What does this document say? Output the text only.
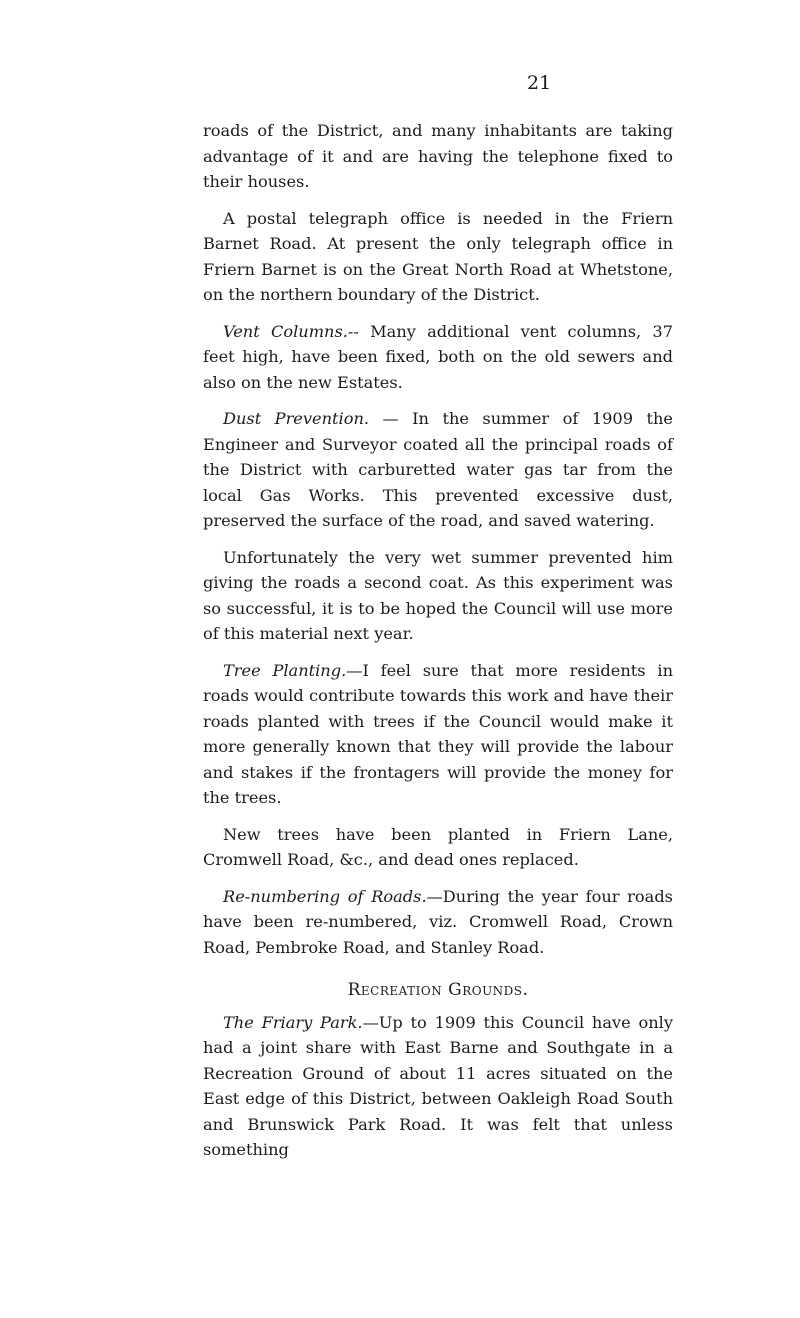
21

roads of the District, and many inhabitants are taking advantage of it and are having the telephone fixed to their houses.

A postal telegraph office is needed in the Friern Barnet Road. At present the only telegraph office in Friern Barnet is on the Great North Road at Whetstone, on the northern boundary of the District.

Vent Columns.-- Many additional vent columns, 37 feet high, have been fixed, both on the old sewers and also on the new Estates.

Dust Prevention. — In the summer of 1909 the Engineer and Surveyor coated all the principal roads of the District with carburetted water gas tar from the local Gas Works. This prevented excessive dust, preserved the surface of the road, and saved watering.

Unfortunately the very wet summer prevented him giving the roads a second coat. As this experiment was so successful, it is to be hoped the Council will use more of this material next year.

Tree Planting.—I feel sure that more residents in roads would contribute towards this work and have their roads planted with trees if the Council would make it more generally known that they will provide the labour and stakes if the frontagers will provide the money for the trees.

New trees have been planted in Friern Lane, Cromwell Road, &c., and dead ones replaced.

Re-numbering of Roads.—During the year four roads have been re-numbered, viz. Cromwell Road, Crown Road, Pembroke Road, and Stanley Road.

Recreation Grounds.

The Friary Park.—Up to 1909 this Council have only had a joint share with East Barne and Southgate in a Recreation Ground of about 11 acres situated on the East edge of this District, between Oakleigh Road South and Brunswick Park Road. It was felt that unless something
